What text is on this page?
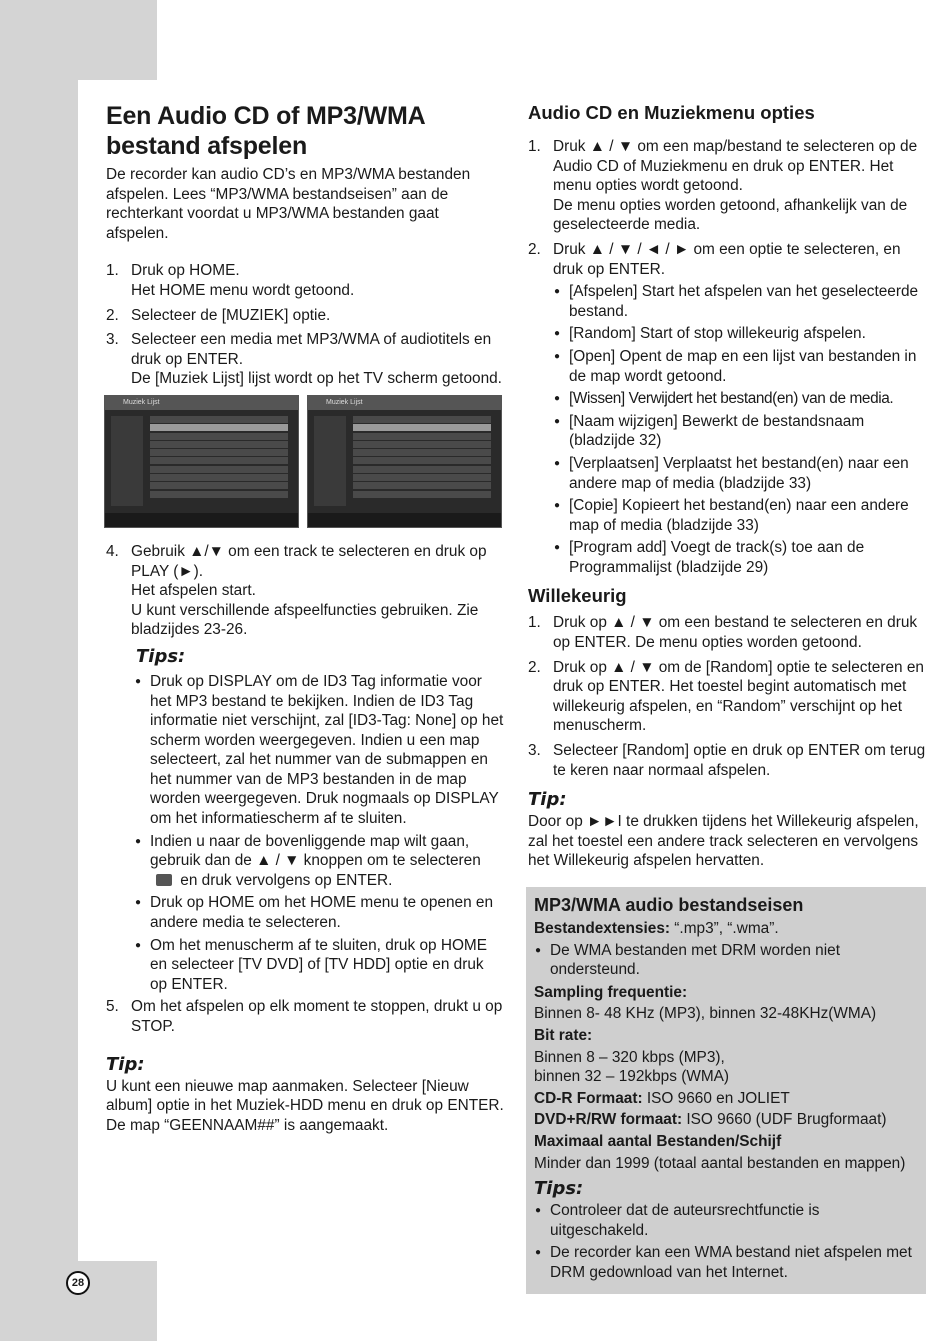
Een Audio CD of MP3/WMA bestand afspelen

De recorder kan audio CD’s en MP3/WMA bestanden afspelen. Lees “MP3/WMA bestandseisen” aan de rechterkant voordat u MP3/WMA bestanden gaat afspelen.

1. Druk op HOME.
Het HOME menu wordt getoond.
2. Selecteer de [MUZIEK] optie.
3. Selecteer een media met MP3/WMA of audiotitels en druk op ENTER.
De [Muziek Lijst] lijst wordt op het TV scherm getoond.
Muziek Lijst	Muziek Lijst
4. Gebruik ▲/▼ om een track te selecteren en druk op PLAY (►).
Het afspelen start.
U kunt verschillende afspeelfuncties gebruiken. Zie bladzijdes 23-26.
Tips:
● Druk op DISPLAY om de ID3 Tag informatie voor het MP3 bestand te bekijken. Indien de ID3 Tag informatie niet verschijnt, zal [ID3-Tag: None] op het scherm worden weergegeven. Indien u een map selecteert, zal het nummer van de submappen en het nummer van de MP3 bestanden in de map worden weergegeven. Druk nogmaals op DISPLAY om het informatiescherm af te sluiten.
● Indien u naar de bovenliggende map wilt gaan, gebruik dan de ▲ / ▼ knoppen om te selecteren
en druk vervolgens op ENTER.
● Druk op HOME om het HOME menu te openen en andere media te selecteren.
● Om het menuscherm af te sluiten, druk op HOME en selecteer [TV DVD] of [TV HDD] optie en druk op ENTER.
5. Om het afspelen op elk moment te stoppen, drukt u op STOP.
Tip:

U kunt een nieuwe map aanmaken. Selecteer [Nieuw album] optie in het Muziek-HDD menu en druk op ENTER. De map “GEENNAAM##” is aangemaakt.

Audio CD en Muziekmenu opties
1. Druk ▲ / ▼ om een map/bestand te selecteren op de Audio CD of Muziekmenu en druk op ENTER. Het menu opties wordt getoond.
De menu opties worden getoond, afhankelijk van de geselecteerde media.
2. Druk ▲ / ▼ / ◄ / ► om een optie te selecteren, en druk op ENTER.
● [Afspelen] Start het afspelen van het geselecteerde bestand.
● [Random] Start of stop willekeurig afspelen.
● [Open] Opent de map en een lijst van bestanden in de map wordt getoond.
● [Wissen] Verwijdert het bestand(en) van de media.
● [Naam wijzigen] Bewerkt de bestandsnaam (bladzijde 32)
● [Verplaatsen] Verplaatst het bestand(en) naar een andere map of media (bladzijde 33)
● [Copie] Kopieert het bestand(en) naar een andere map of media (bladzijde 33)
● [Program add] Voegt de track(s) toe aan de Programmalijst (bladzijde 29)
Willekeurig
1. Druk op ▲ / ▼ om een bestand te selecteren en druk op ENTER. De menu opties worden getoond.
2. Druk op ▲ / ▼ om de [Random] optie te selecteren en druk op ENTER. Het toestel begint automatisch met willekeurig afspelen, en “Random” verschijnt op het menuscherm.
3. Selecteer [Random] optie en druk op ENTER om terug te keren naar normaal afspelen.
Tip:

Door op ►►I te drukken tijdens het Willekeurig afspelen, zal het toestel een andere track selecteren en vervolgens het Willekeurig afspelen hervatten.

MP3/WMA audio bestandseisen

Bestandextensies: “.mp3”, “.wma”.

● De WMA bestanden met DRM worden niet ondersteund.

Sampling frequentie:

Binnen 8- 48 KHz (MP3), binnen 32-48KHz(WMA)

Bit rate:

Binnen 8 – 320 kbps (MP3),
binnen 32 – 192kbps (WMA)

CD-R Formaat: ISO 9660 en JOLIET

DVD+R/RW formaat: ISO 9660 (UDF Brugformaat)

Maximaal aantal Bestanden/Schijf

Minder dan 1999 (totaal aantal bestanden en mappen)

Tips:
● Controleer dat de auteursrechtfunctie is uitgeschakeld.
● De recorder kan een WMA bestand niet afspelen met DRM gedownload van het Internet.
28
